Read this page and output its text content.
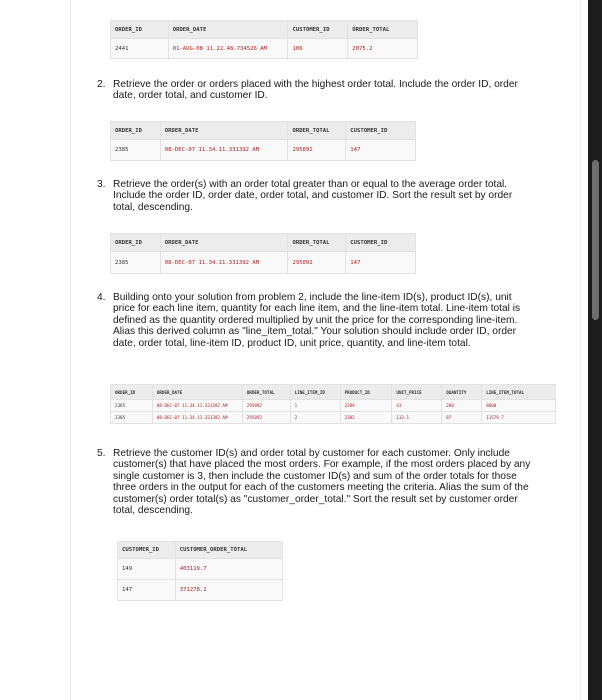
ORDER_ID	ORDER_DATE	CUSTOMER_ID	ORDER_TOTAL
2441	01-AUG-08 11.22.48.734526 AM	106	2075.2
2. Retrieve the order or orders placed with the highest order total. Include the order ID, order date, order total, and customer ID.
ORDER_ID	ORDER_DATE	ORDER_TOTAL	CUSTOMER_ID
2385	08-DEC-07 11.34.11.331392 AM	295892	147
3. Retrieve the order(s) with an order total greater than or equal to the average order total. Include the order ID, order date, order total, and customer ID. Sort the result set by order total, descending.
ORDER_ID	ORDER_DATE	ORDER_TOTAL	CUSTOMER_ID
2385	08-DEC-07 11.34.11.331392 AM	295892	147
4. Building onto your solution from problem 2, include the line-item ID(s), product ID(s), unit price for each line item, quantity for each line item, and the line-item total. Line-item total is defined as the quantity ordered multiplied by unit the price for the corresponding line-item. Alias this derived column as "line_item_total." Your solution should include order ID, order date, order total, line-item ID, product ID, unit price, quantity, and line-item total.
ORDER_ID	ORDER_DATE	ORDER_TOTAL	LINE_ITEM_ID	PRODUCT_ID	UNIT_PRICE	QUANTITY	LINE_ITEM_TOTAL
2385	08-DEC-07 11.34.11.331392 AM	295892	1	2289	43	200	8600
2385	08-DEC-07 11.34.11.331392 AM	295892	2	2302	133.1	87	11579.7
5. Retrieve the customer ID(s) and order total by customer for each customer. Only include customer(s) that have placed the most orders. For example, if the most orders placed by any single customer is 3, then include the customer ID(s) and sum of the order totals for those three orders in the output for each of the customers meeting the criteria. Alias the sum of the customer(s) order total(s) as "customer_order_total." Sort the result set by customer order total, descending.
CUSTOMER_ID	CUSTOMER_ORDER_TOTAL
149	403119.7
147	371278.2
